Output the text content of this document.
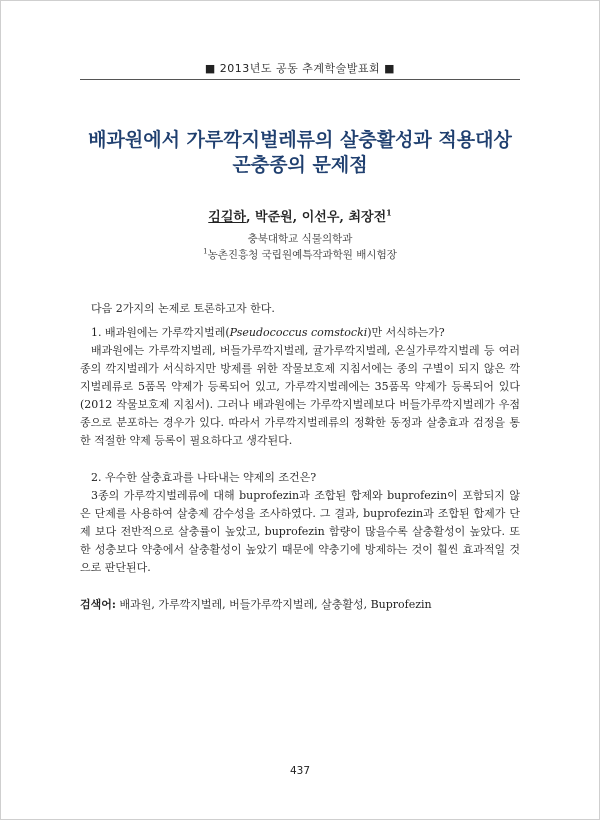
■ 2013년도 공동 추계학술발표회 ■
배과원에서 가루깍지벌레류의 살충활성과 적용대상
곤충종의 문제점
김길하, 박준원, 이선우, 최장전$^1$
충북대학교 식물의학과
$^1$농촌진흥청 국립원예특작과학원 배시험장

다음 2가지의 논제로 토론하고자 한다.

1. 배과원에는 가루깍지벌레(Pseudococcus comstocki)만 서식하는가?

배과원에는 가루깍지벌레, 버들가루깍지벌레, 귤가루깍지벌레, 온실가루깍지벌레 등 여러 종의 깍지벌레가 서식하지만 방제를 위한 작물보호제 지침서에는 종의 구별이 되지 않은 깍지벌레류로 5품목 약제가 등록되어 있고, 가루깍지벌레에는 35품목 약제가 등록되어 있다(2012 작물보호제 지침서). 그러나 배과원에는 가루깍지벌레보다 버들가루깍지벌레가 우점종으로 분포하는 경우가 있다. 따라서 가루깍지벌레류의 정확한 동정과 살충효과 검정을 통한 적절한 약제 등록이 필요하다고 생각된다.

2. 우수한 살충효과를 나타내는 약제의 조건은?

3종의 가루깍지벌레류에 대해 buprofezin과 조합된 합제와 buprofezin이 포함되지 않은 단제를 사용하여 살충제 감수성을 조사하였다. 그 결과, buprofezin과 조합된 합제가 단제 보다 전반적으로 살충률이 높았고, buprofezin 함량이 많을수록 살충활성이 높았다. 또한 성충보다 약충에서 살충활성이 높았기 때문에 약충기에 방제하는 것이 훨씬 효과적일 것으로 판단된다.

검색어: 배과원, 가루깍지벌레, 버들가루깍지벌레, 살충활성, Buprofezin
437
